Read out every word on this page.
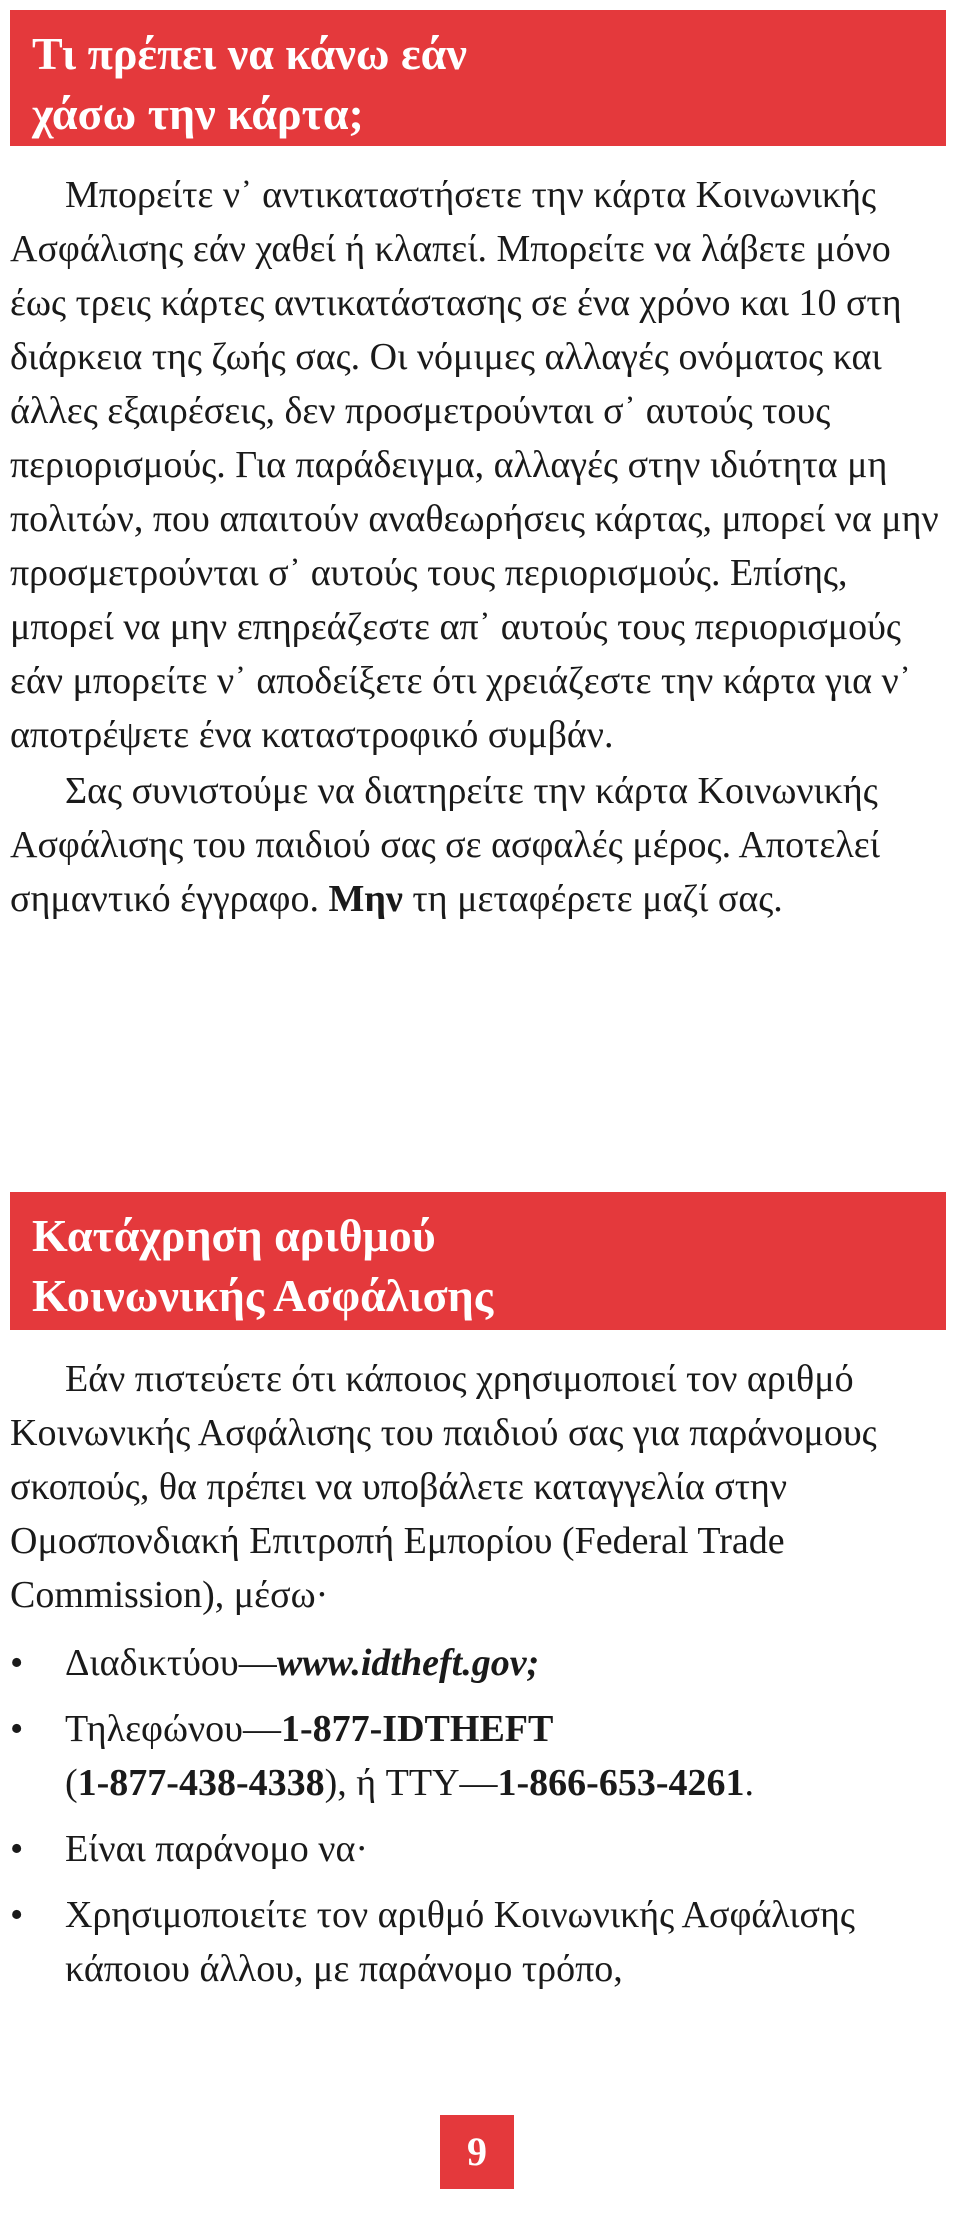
Τι πρέπει να κάνω εάν
χάσω την κάρτα;

Μπορείτε ν᾽ αντικαταστήσετε την κάρτα Κοινωνικής Ασφάλισης εάν χαθεί ή κλαπεί. Μπορείτε να λάβετε μόνο έως τρεις κάρτες αντικατάστασης σε ένα χρόνο και 10 στη διάρκεια της ζωής σας. Οι νόμιμες αλλαγές ονόματος και άλλες εξαιρέσεις, δεν προσμετρούνται σ᾽ αυτούς τους περιορισμούς. Για παράδειγμα, αλλαγές στην ιδιότητα μη πολιτών, που απαιτούν αναθεωρήσεις κάρτας, μπορεί να μην προσμετρούνται σ᾽ αυτούς τους περιορισμούς. Επίσης, μπορεί να μην επηρεάζεστε απ᾽ αυτούς τους περιορισμούς εάν μπορείτε ν᾽ αποδείξετε ότι χρειάζεστε την κάρτα για ν᾽ αποτρέψετε ένα καταστροφικό συμβάν.

Σας συνιστούμε να διατηρείτε την κάρτα Κοινωνικής Ασφάλισης του παιδιού σας σε ασφαλές μέρος. Αποτελεί σημαντικό έγγραφο. Μην τη μεταφέρετε μαζί σας.

Κατάχρηση αριθμού
Κοινωνικής Ασφάλισης

Εάν πιστεύετε ότι κάποιος χρησιμοποιεί τον αριθμό Κοινωνικής Ασφάλισης του παιδιού σας για παράνομους σκοπούς, θα πρέπει να υποβάλετε καταγγελία στην Ομοσπονδιακή Επιτροπή Εμπορίου (Federal Trade Commission), μέσω·

•	Διαδικτύου—www.idtheft.gov;
•	Τηλεφώνου—1-877-IDTHEFT
(1-877-438-4338), ή TTY—1-866-653-4261.
•	Είναι παράνομο να·
•	Χρησιμοποιείτε τον αριθμό Κοινωνικής Ασφάλισης κάποιου άλλου, με παράνομο τρόπο,
9
